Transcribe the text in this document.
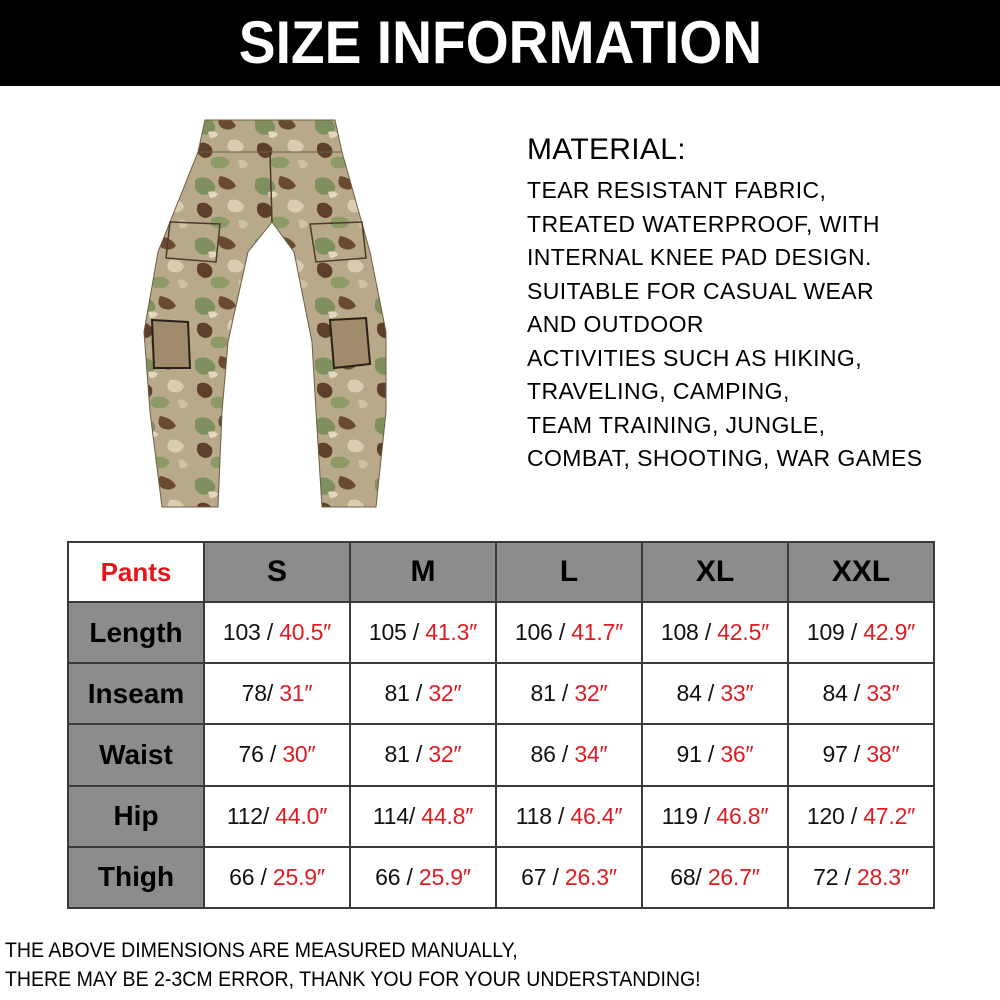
SIZE INFORMATION
MATERIAL:
TEAR RESISTANT FABRIC,
TREATED WATERPROOF, WITH
INTERNAL KNEE PAD DESIGN.
SUITABLE FOR CASUAL WEAR
AND OUTDOOR
ACTIVITIES SUCH AS HIKING,
TRAVELING, CAMPING,
TEAM TRAINING, JUNGLE,
COMBAT, SHOOTING, WAR GAMES
Pants	S	M	L	XL	XXL
Length	103 / 40.5″	105 / 41.3″	106 / 41.7″	108 / 42.5″	109 / 42.9″
Inseam	78/ 31″	81 / 32″	81 / 32″	84 / 33″	84 / 33″
Waist	76 / 30″	81 / 32″	86 / 34″	91 / 36″	97 / 38″
Hip	112/ 44.0″	114/ 44.8″	118 / 46.4″	119 / 46.8″	120 / 47.2″
Thigh	66 / 25.9″	66 / 25.9″	67 / 26.3″	68/ 26.7″	72 / 28.3″
THE ABOVE DIMENSIONS ARE MEASURED MANUALLY,
THERE MAY BE 2-3CM ERROR, THANK YOU FOR YOUR UNDERSTANDING!
